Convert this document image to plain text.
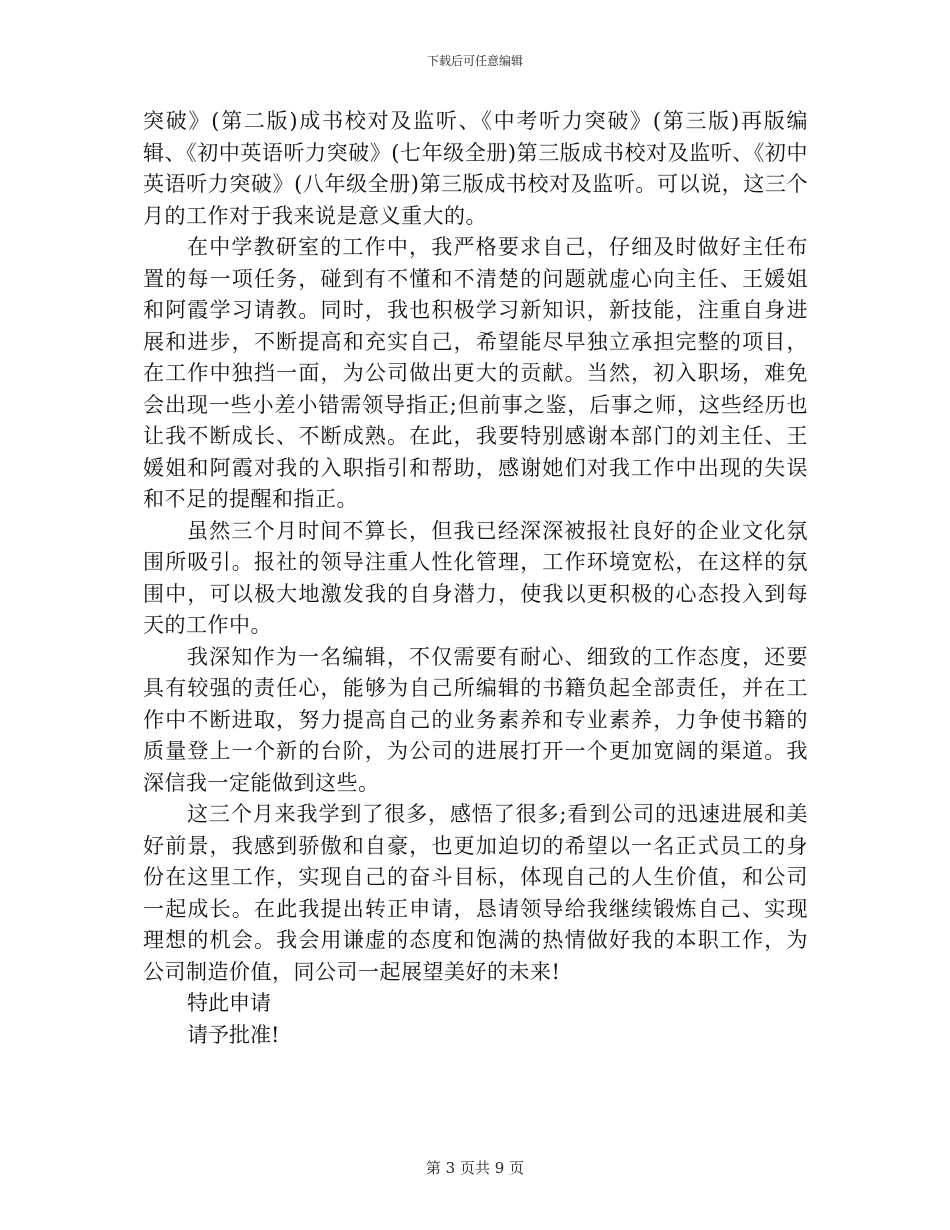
下载后可任意编辑

突破》(第二版)成书校对及监听、《中考听力突破》(第三版)再版编辑、《初中英语听力突破》(七年级全册)第三版成书校对及监听、《初中英语听力突破》(八年级全册)第三版成书校对及监听。可以说，这三个月的工作对于我来说是意义重大的。

在中学教研室的工作中，我严格要求自己，仔细及时做好主任布置的每一项任务，碰到有不懂和不清楚的问题就虚心向主任、王媛姐和阿霞学习请教。同时，我也积极学习新知识，新技能，注重自身进展和进步，不断提高和充实自己，希望能尽早独立承担完整的项目，在工作中独挡一面，为公司做出更大的贡献。当然，初入职场，难免会出现一些小差小错需领导指正;但前事之鉴，后事之师，这些经历也让我不断成长、不断成熟。在此，我要特别感谢本部门的刘主任、王媛姐和阿霞对我的入职指引和帮助，感谢她们对我工作中出现的失误和不足的提醒和指正。

虽然三个月时间不算长，但我已经深深被报社良好的企业文化氛围所吸引。报社的领导注重人性化管理，工作环境宽松，在这样的氛围中，可以极大地激发我的自身潜力，使我以更积极的心态投入到每天的工作中。

我深知作为一名编辑，不仅需要有耐心、细致的工作态度，还要具有较强的责任心，能够为自己所编辑的书籍负起全部责任，并在工作中不断进取，努力提高自己的业务素养和专业素养，力争使书籍的质量登上一个新的台阶，为公司的进展打开一个更加宽阔的渠道。我深信我一定能做到这些。

这三个月来我学到了很多，感悟了很多;看到公司的迅速进展和美好前景，我感到骄傲和自豪，也更加迫切的希望以一名正式员工的身份在这里工作，实现自己的奋斗目标，体现自己的人生价值，和公司一起成长。在此我提出转正申请，恳请领导给我继续锻炼自己、实现理想的机会。我会用谦虚的态度和饱满的热情做好我的本职工作，为公司制造价值，同公司一起展望美好的未来!

特此申请

请予批准!

第 3 页共 9 页
